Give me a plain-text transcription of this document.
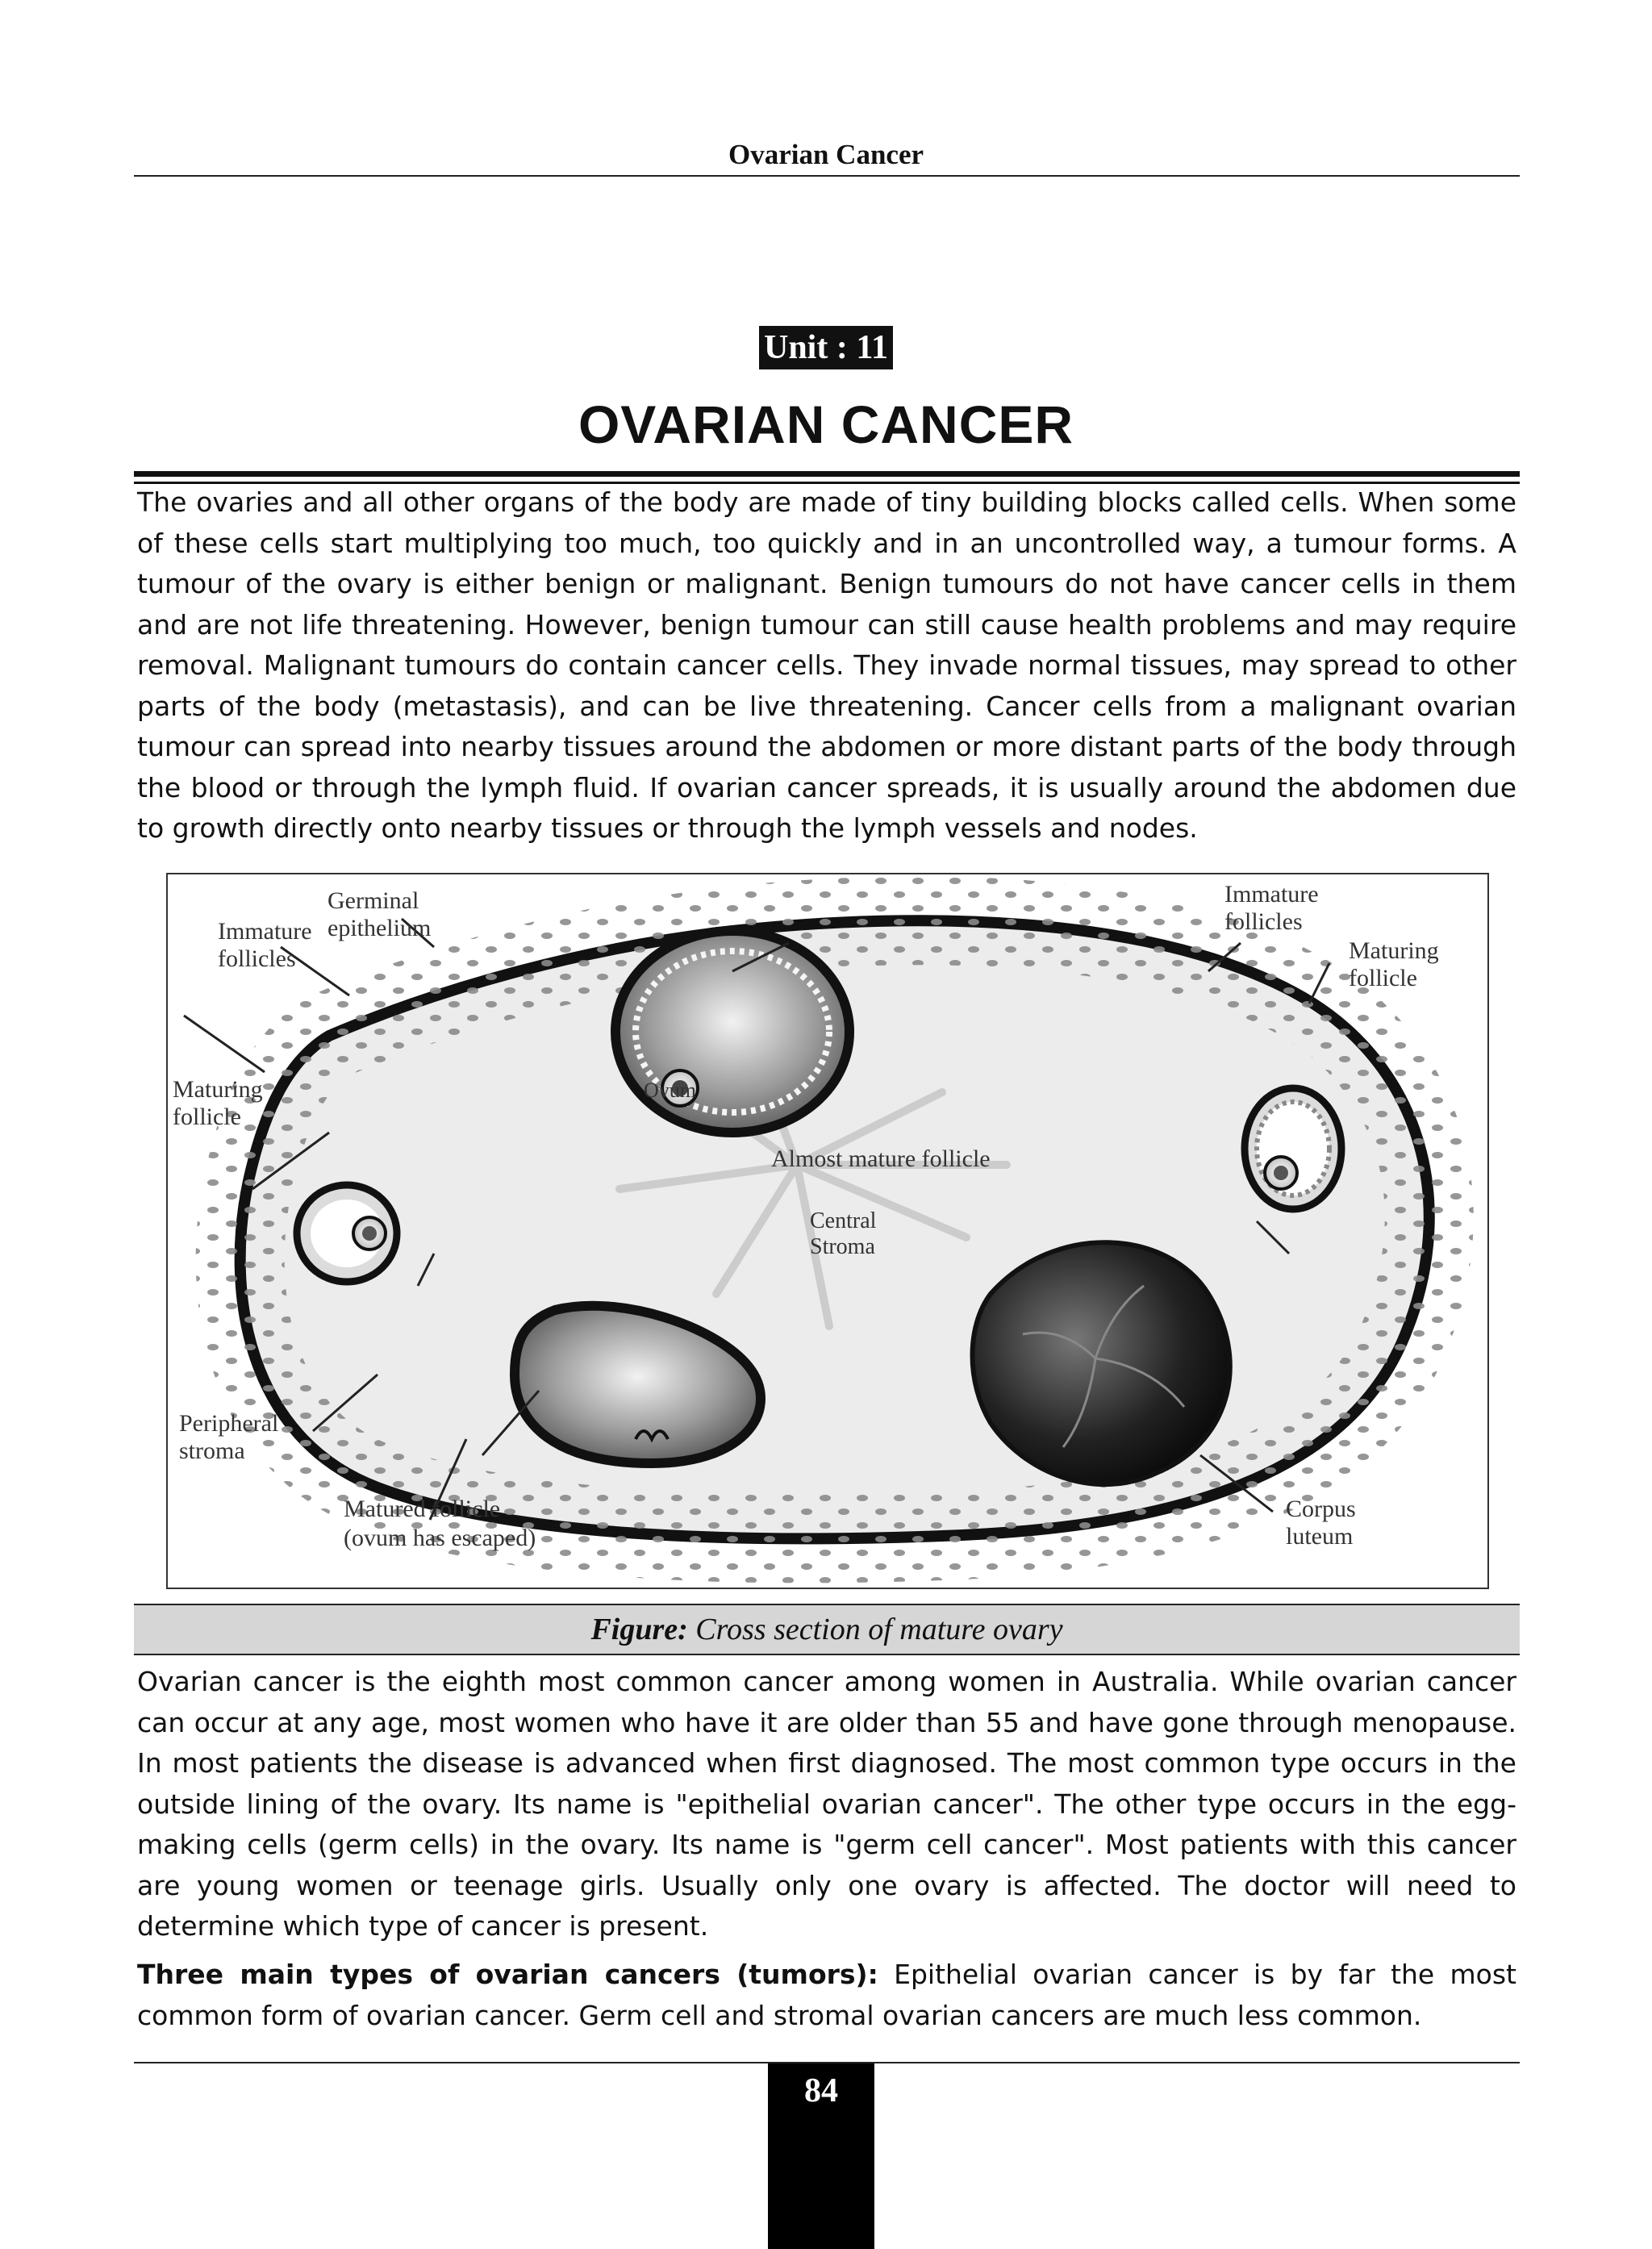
Ovarian Cancer
Unit : 11
OVARIAN CANCER

The ovaries and all other organs of the body are made of tiny building blocks called cells. When some of these cells start multiplying too much, too quickly and in an uncontrolled way, a tumour forms. A tumour of the ovary is either benign or malignant. Benign tumours do not have cancer cells in them and are not life threatening. However, benign tumour can still cause health problems and may require removal. Malignant tumours do contain cancer cells. They invade normal tissues, may spread to other parts of the body (metastasis), and can be live threatening. Cancer cells from a malignant ovarian tumour can spread into nearby tissues around the abdomen or more distant parts of the body through the blood or through the lymph fluid. If ovarian cancer spreads, it is usually around the abdomen due to growth directly onto nearby tissues or through the lymph vessels and nodes.

Germinal
epithelium
Immature
follicles
Immature
follicles
Maturing
follicle
Maturing
follicle
Ovum
Almost mature follicle
Central
Stroma
Peripheral
stroma
Matured follicle
(ovum has escaped)
Corpus
luteum
Figure: Cross section of mature ovary

Ovarian cancer is the eighth most common cancer among women in Australia. While ovarian cancer can occur at any age, most women who have it are older than 55 and have gone through menopause. In most patients the disease is advanced when first diagnosed. The most common type occurs in the outside lining of the ovary. Its name is "epithelial ovarian cancer". The other type occurs in the egg-making cells (germ cells) in the ovary. Its name is "germ cell cancer". Most patients with this cancer are young women or teenage girls. Usually only one ovary is affected. The doctor will need to determine which type of cancer is present.

Three main types of ovarian cancers (tumors): Epithelial ovarian cancer is by far the most common form of ovarian cancer. Germ cell and stromal ovarian cancers are much less common.

84
